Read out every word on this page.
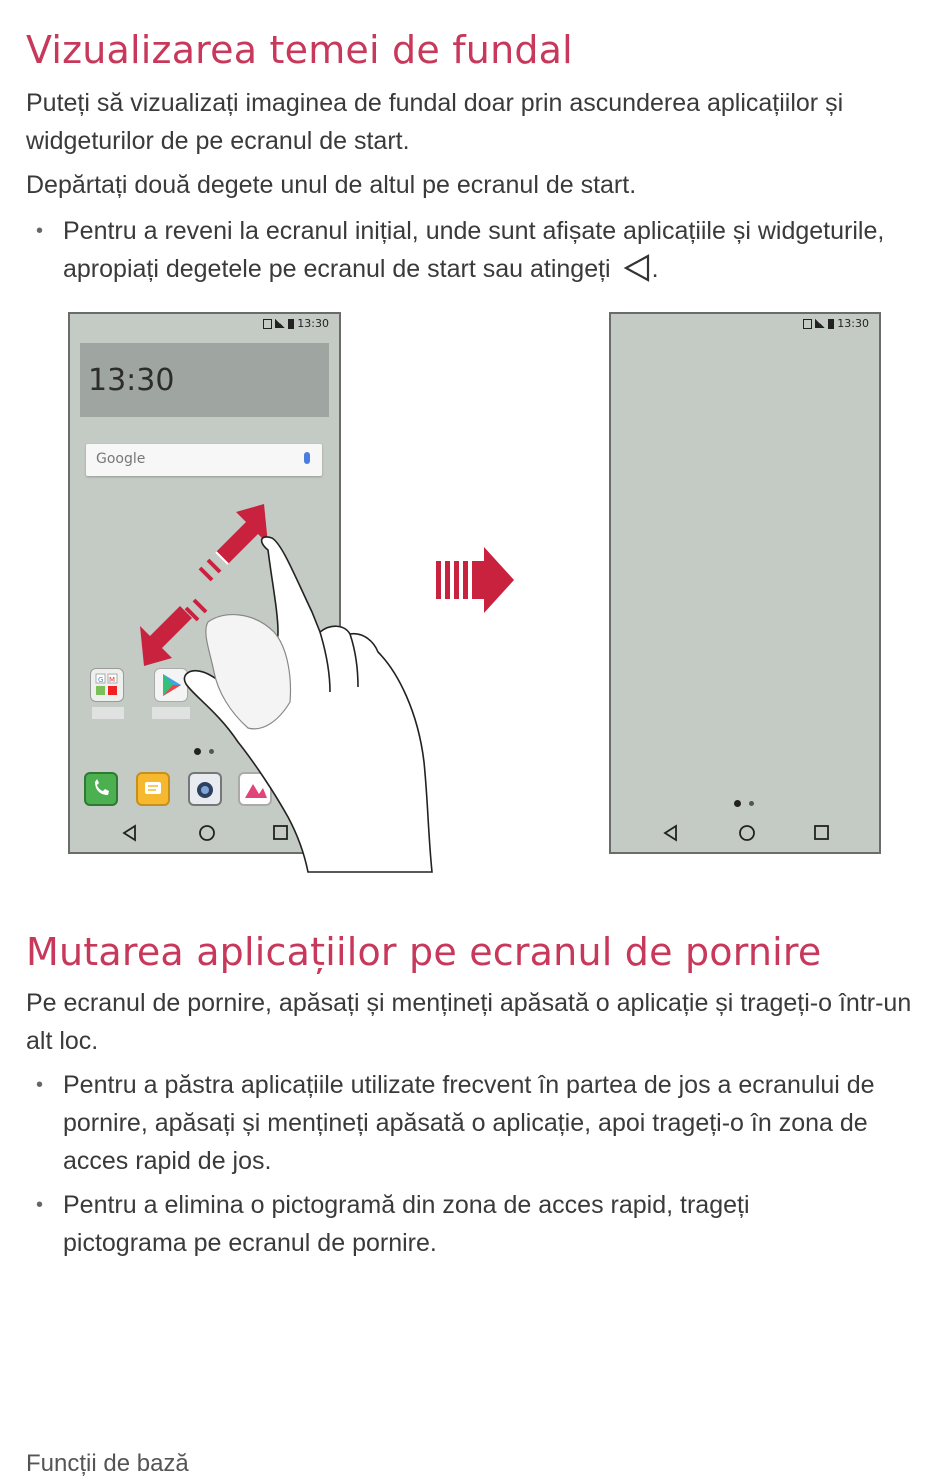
Vizualizarea temei de fundal

Puteți să vizualizați imaginea de fundal doar prin ascunderea aplicațiilor și widgeturilor de pe ecranul de start.

Depărtați două degete unul de altul pe ecranul de start.

• Pentru a reveni la ecranul inițial, unde sunt afișate aplicațiile și widgeturile, apropiați degetele pe ecranul de start sau atingeți .
13:30
13:30
Google
G M
13:30
Mutarea aplicațiilor pe ecranul de pornire

Pe ecranul de pornire, apăsați și mențineți apăsată o aplicație și trageți-o într-un alt loc.

• Pentru a păstra aplicațiile utilizate frecvent în partea de jos a ecranului de pornire, apăsați și mențineți apăsată o aplicație, apoi trageți-o în zona de acces rapid de jos.
• Pentru a elimina o pictogramă din zona de acces rapid, trageți pictograma pe ecranul de pornire.

Funcții de bază
